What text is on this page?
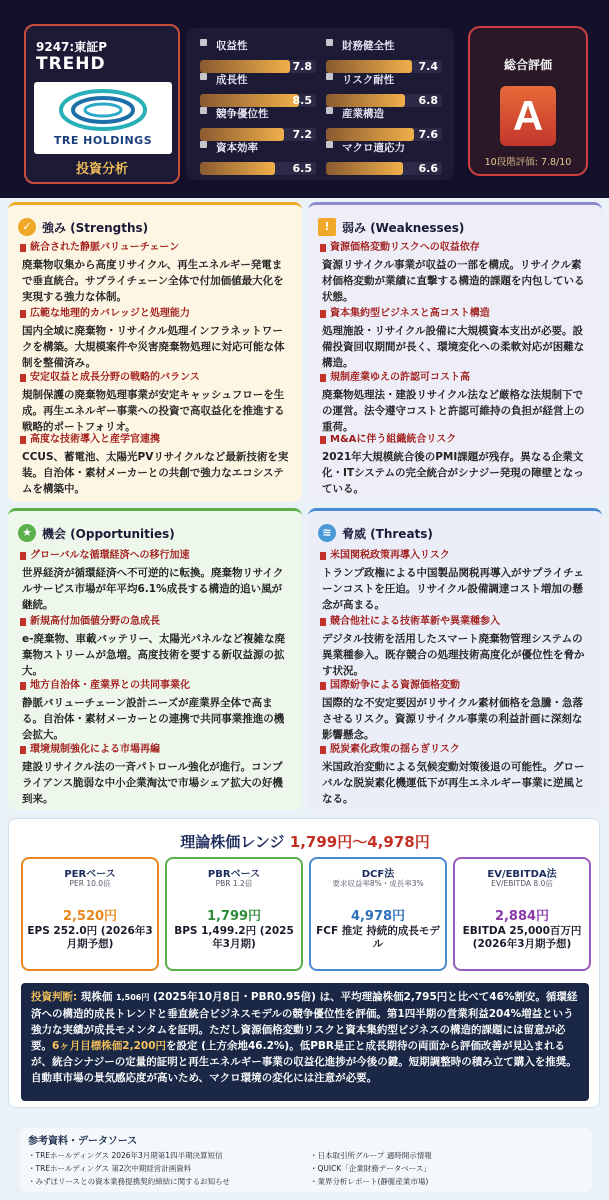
9247:東証P
TREHD
TRE HOLDINGS
投資分析
収益性
7.8
財務健全性
7.4
成長性
8.5
リスク耐性
6.8
競争優位性
7.2
産業構造
7.6
資本効率
6.5
マクロ適応力
6.6
総合評価
A
10段階評価: 7.8/10
✓ 強み (Strengths)
統合された静脈バリューチェーン
廃棄物収集から高度リサイクル、再生エネルギー発電まで垂直統合。サプライチェーン全体で付加価値最大化を実現する強力な体制。
広範な地理的カバレッジと処理能力
国内全域に廃棄物・リサイクル処理インフラネットワークを構築。大規模案件や災害廃棄物処理に対応可能な体制を整備済み。
安定収益と成長分野の戦略的バランス
規制保護の廃棄物処理事業が安定キャッシュフローを生成。再生エネルギー事業への投資で高収益化を推進する戦略的ポートフォリオ。
高度な技術導入と産学官連携
CCUS、蓄電池、太陽光PVリサイクルなど最新技術を実装。自治体・素材メーカーとの共創で強力なエコシステムを構築中。
!	弱み (Weaknesses)
資源価格変動リスクへの収益依存
資源リサイクル事業が収益の一部を構成。リサイクル素材価格変動が業績に直撃する構造的課題を内包している状態。
資本集約型ビジネスと高コスト構造
処理施設・リサイクル設備に大規模資本支出が必要。設備投資回収期間が長く、環境変化への柔軟対応が困難な構造。
規制産業ゆえの許認可コスト高
廃棄物処理法・建設リサイクル法など厳格な法規制下での運営。法令遵守コストと許認可維持の負担が経営上の重荷。
M&Aに伴う組織統合リスク
2021年大規模統合後のPMI課題が残存。異なる企業文化・ITシステムの完全統合がシナジー発現の障壁となっている。
★ 機会 (Opportunities)
グローバルな循環経済への移行加速
世界経済が循環経済へ不可逆的に転換。廃棄物リサイクルサービス市場が年平均6.1%成長する構造的追い風が継続。
新規高付加価値分野の急成長
e-廃棄物、車載バッテリー、太陽光パネルなど複雑な廃棄物ストリームが急増。高度技術を要する新収益源の拡大。
地方自治体・産業界との共同事業化
静脈バリューチェーン設計ニーズが産業界全体で高まる。自治体・素材メーカーとの連携で共同事業推進の機会拡大。
環境規制強化による市場再編
建設リサイクル法の一斉パトロール強化が進行。コンプライアンス脆弱な中小企業淘汰で市場シェア拡大の好機到来。
≋ 脅威 (Threats)
米国関税政策再導入リスク
トランプ政権による中国製品関税再導入がサプライチェーンコストを圧迫。リサイクル設備調達コスト増加の懸念が高まる。
競合他社による技術革新や異業種参入
デジタル技術を活用したスマート廃棄物管理システムの異業種参入。既存競合の処理技術高度化が優位性を脅かす状況。
国際紛争による資源価格変動
国際的な不安定要因がリサイクル素材価格を急騰・急落させるリスク。資源リサイクル事業の利益計画に深刻な影響懸念。
脱炭素化政策の揺らぎリスク
米国政治変動による気候変動対策後退の可能性。グローバルな脱炭素化機運低下が再生エネルギー事業に逆風となる。
理論株価レンジ 1,799円〜4,978円
PERベース
PER 10.0倍
2,520円
EPS 252.0円 (2026年3月期予想)
PBRベース
PBR 1.2倍
1,799円
BPS 1,499.2円 (2025年3月期)
DCF法
要求収益率8%・成長率3%
4,978円
FCF 推定 持続的成長モデル
EV/EBITDA法
EV/EBITDA 8.0倍
2,884円
EBITDA 25,000百万円 (2026年3月期予想)
投資判断: 現株価 1,506円 (2025年10月8日・PBR0.95倍) は、平均理論株価2,795円と比べて46%割安。循環経済への構造的成長トレンドと垂直統合ビジネスモデルの競争優位性を評価。第1四半期の営業利益204%増益という強力な実績が成長モメンタムを証明。ただし資源価格変動リスクと資本集約型ビジネスの構造的課題には留意が必要。6ヶ月目標株価2,200円を設定 (上方余地46.2%)。低PBR是正と成長期待の両面から評価改善が見込まれるが、統合シナジーの定量的証明と再生エネルギー事業の収益化進捗が今後の鍵。短期調整時の積み立て購入を推奨。自動車市場の景気感応度が高いため、マクロ環境の変化には注意が必要。
参考資料・データソース
・TREホールディングス 2026年3月期第1四半期決算短信
・TREホールディングス 第2次中期経営計画資料
・みずほリースとの資本業務提携契約締結に関するお知らせ
・日本取引所グループ 適時開示情報
・QUICK「企業財務データベース」
・業界分析レポート(静脈産業市場)
